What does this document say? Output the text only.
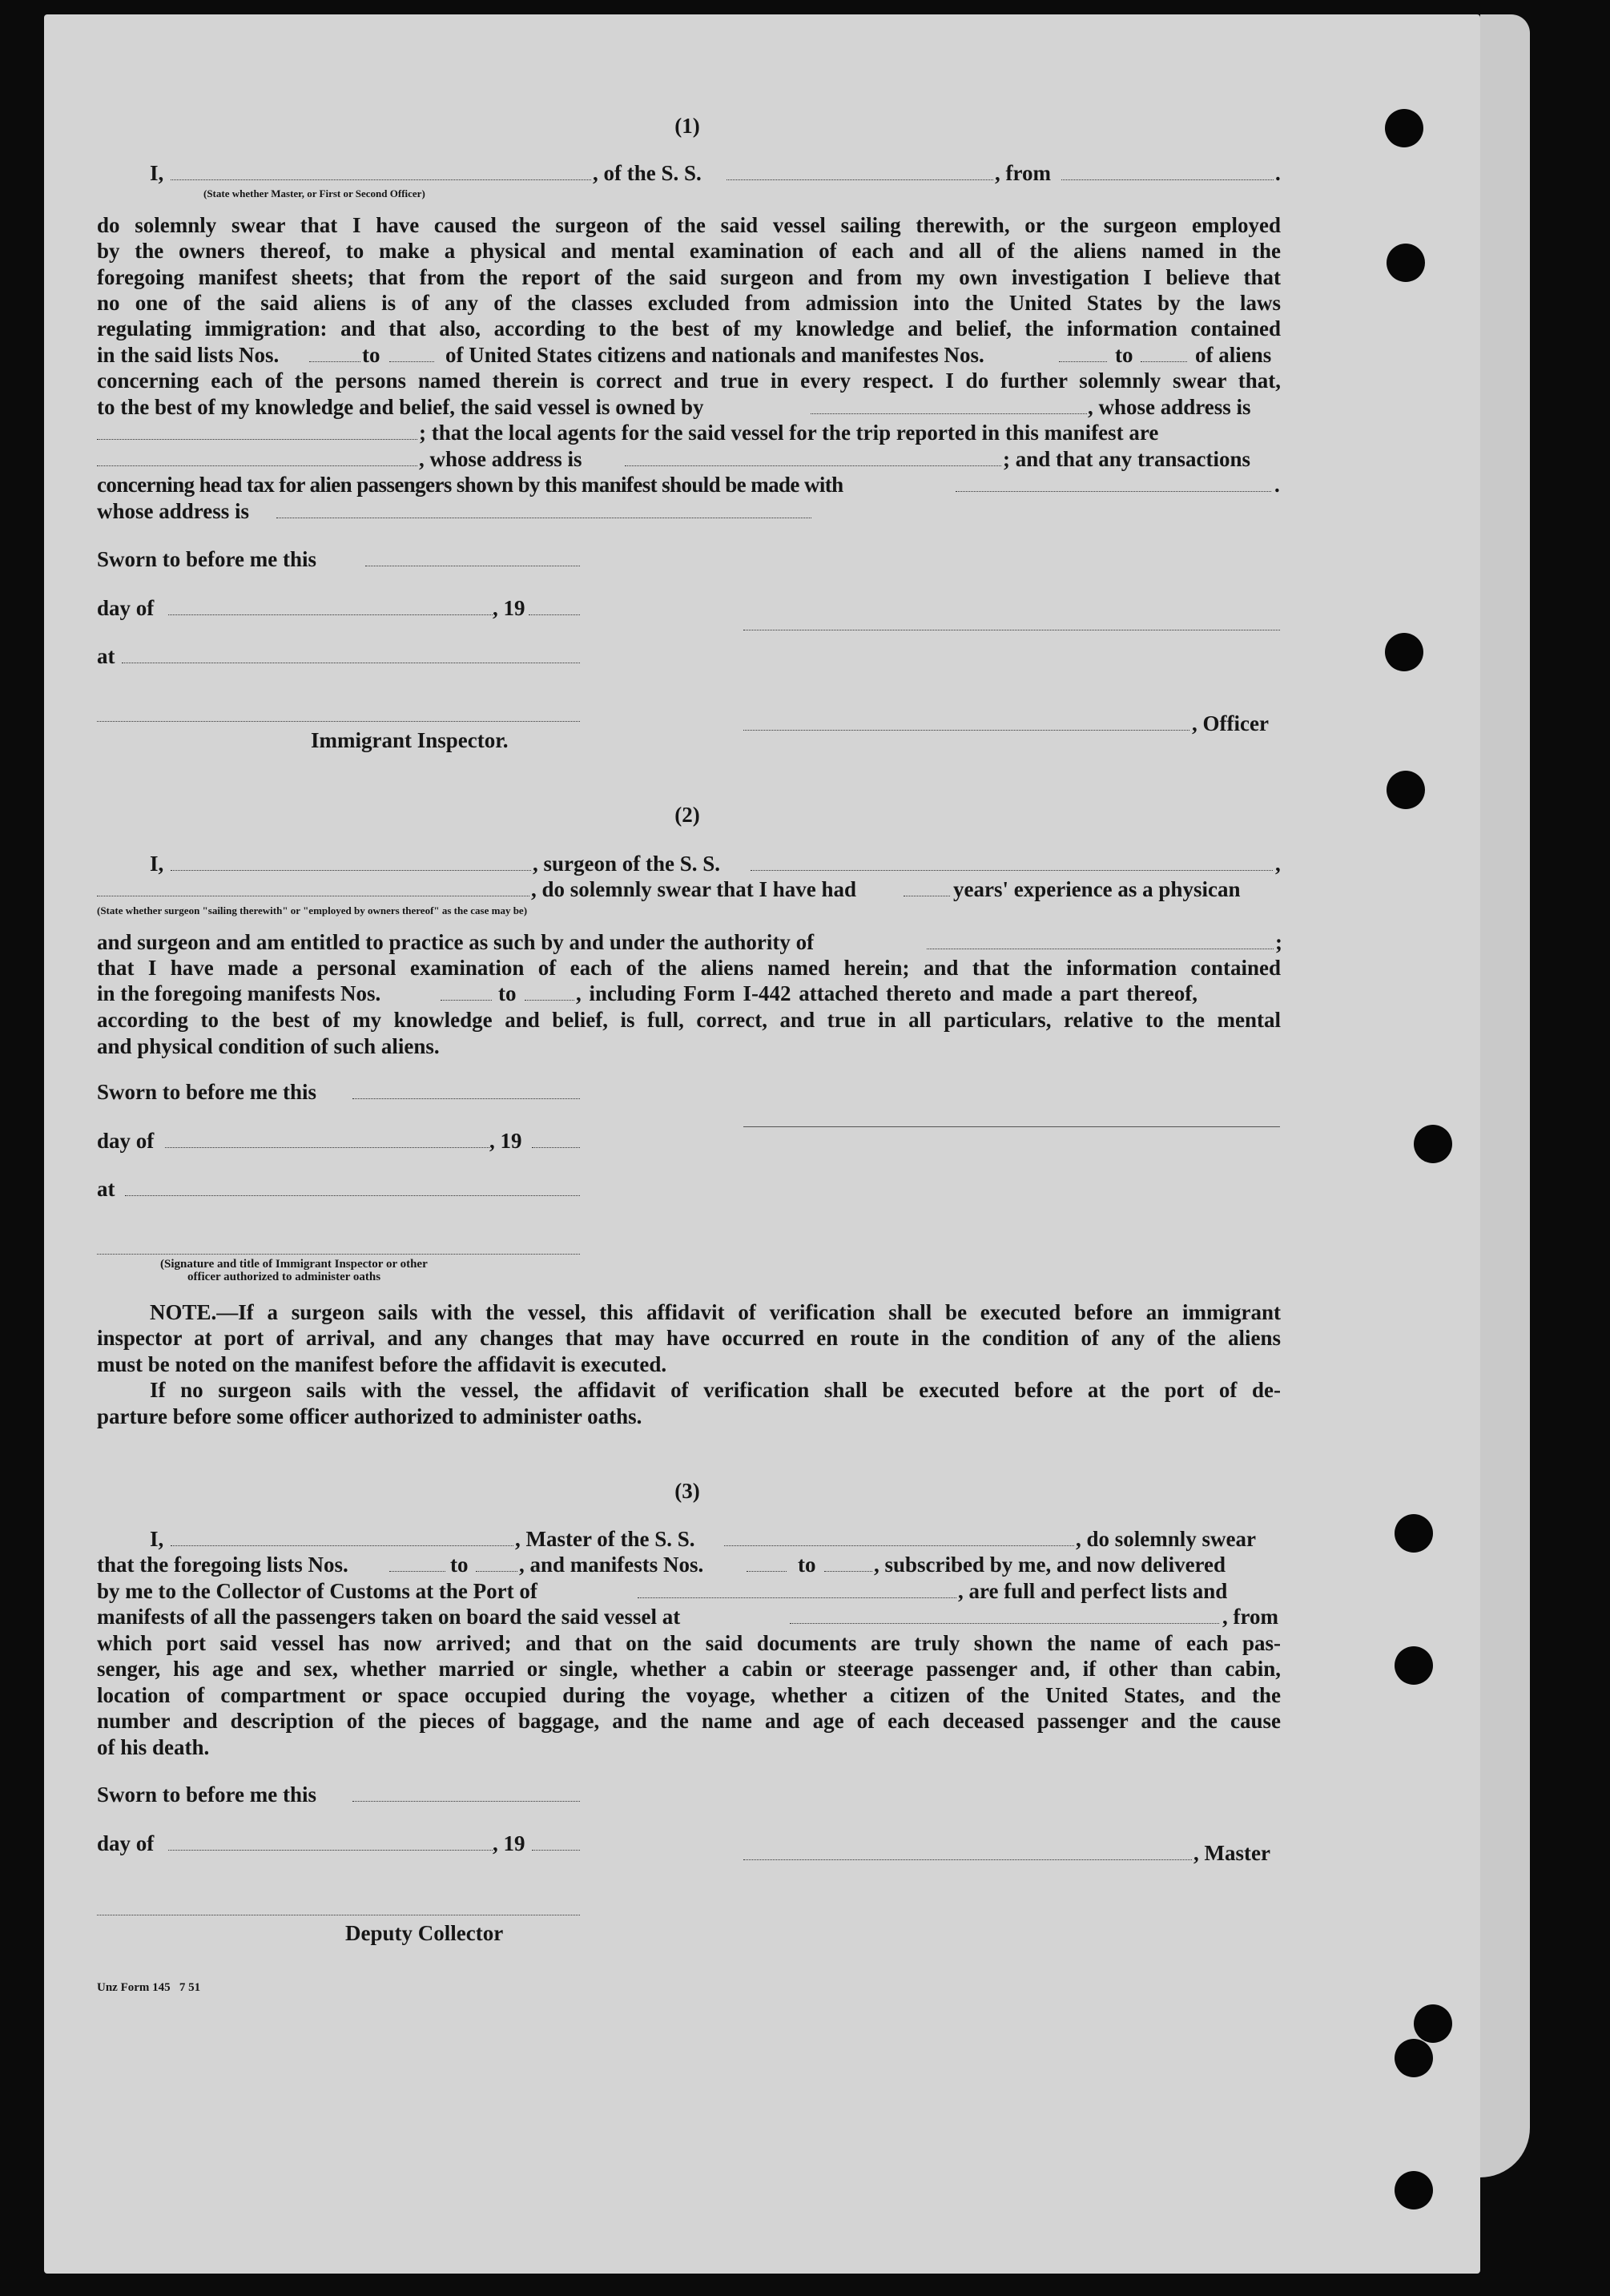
(1)
I,	, of the S. S.	, from	.
(State whether Master, or First or Second Officer)
do solemnly swear that I have caused the surgeon of the said vessel sailing therewith, or the surgeon employed
by the owners thereof, to make a physical and mental examination of each and all of the aliens named in the
foregoing manifest sheets; that from the report of the said surgeon and from my own investigation I believe that
no one of the said aliens is of any of the classes excluded from admission into the United States by the laws
regulating immigration: and that also, according to the best of my knowledge and belief, the information contained
in the said lists Nos.	to	of United States citizens and nationals and manifestes Nos.	to	of aliens
concerning each of the persons named therein is correct and true in every respect. I do further solemnly swear that,
to the best of my knowledge and belief, the said vessel is owned by	, whose address is
; that the local agents for the said vessel for the trip reported in this manifest are
, whose address is	; and that any transactions
concerning head tax for alien passengers shown by this manifest should be made with	.
whose address is
Sworn to before me this
day of	, 19
at
, Officer
Immigrant Inspector.
(2)
I,	, surgeon of the S. S.	,
, do solemnly swear that I have had	years' experience as a physican
(State whether surgeon "sailing therewith" or "employed by owners thereof" as the case may be)
and surgeon and am entitled to practice as such by and under the authority of	;
that I have made a personal examination of each of the aliens named herein; and that the information contained
in the foregoing manifests Nos.	to	, including Form I-442 attached thereto and made a part thereof,
according to the best of my knowledge and belief, is full, correct, and true in all particulars, relative to the mental
and physical condition of such aliens.
Sworn to before me this
day of	, 19
at
(Signature and title of Immigrant Inspector or other
officer authorized to administer oaths
NOTE.—If a surgeon sails with the vessel, this affidavit of verification shall be executed before an immigrant
inspector at port of arrival, and any changes that may have occurred en route in the condition of any of the aliens
must be noted on the manifest before the affidavit is executed.
If no surgeon sails with the vessel, the affidavit of verification shall be executed before at the port of de-
parture before some officer authorized to administer oaths.
(3)
I,	, Master of the S. S.	, do solemnly swear
that the foregoing lists Nos.	to , and manifests Nos.	to	, subscribed by me, and now delivered
by me to the Collector of Customs at the Port of	, are full and perfect lists and
manifests of all the passengers taken on board the said vessel at	, from
which port said vessel has now arrived; and that on the said documents are truly shown the name of each pas-
senger, his age and sex, whether married or single, whether a cabin or steerage passenger and, if other than cabin,
location of compartment or space occupied during the voyage, whether a citizen of the United States, and the
number and description of the pieces of baggage, and the name and age of each deceased passenger and the cause
of his death.
Sworn to before me this
day of	, 19	, Master
Deputy Collector
Unz Form 145   7 51
